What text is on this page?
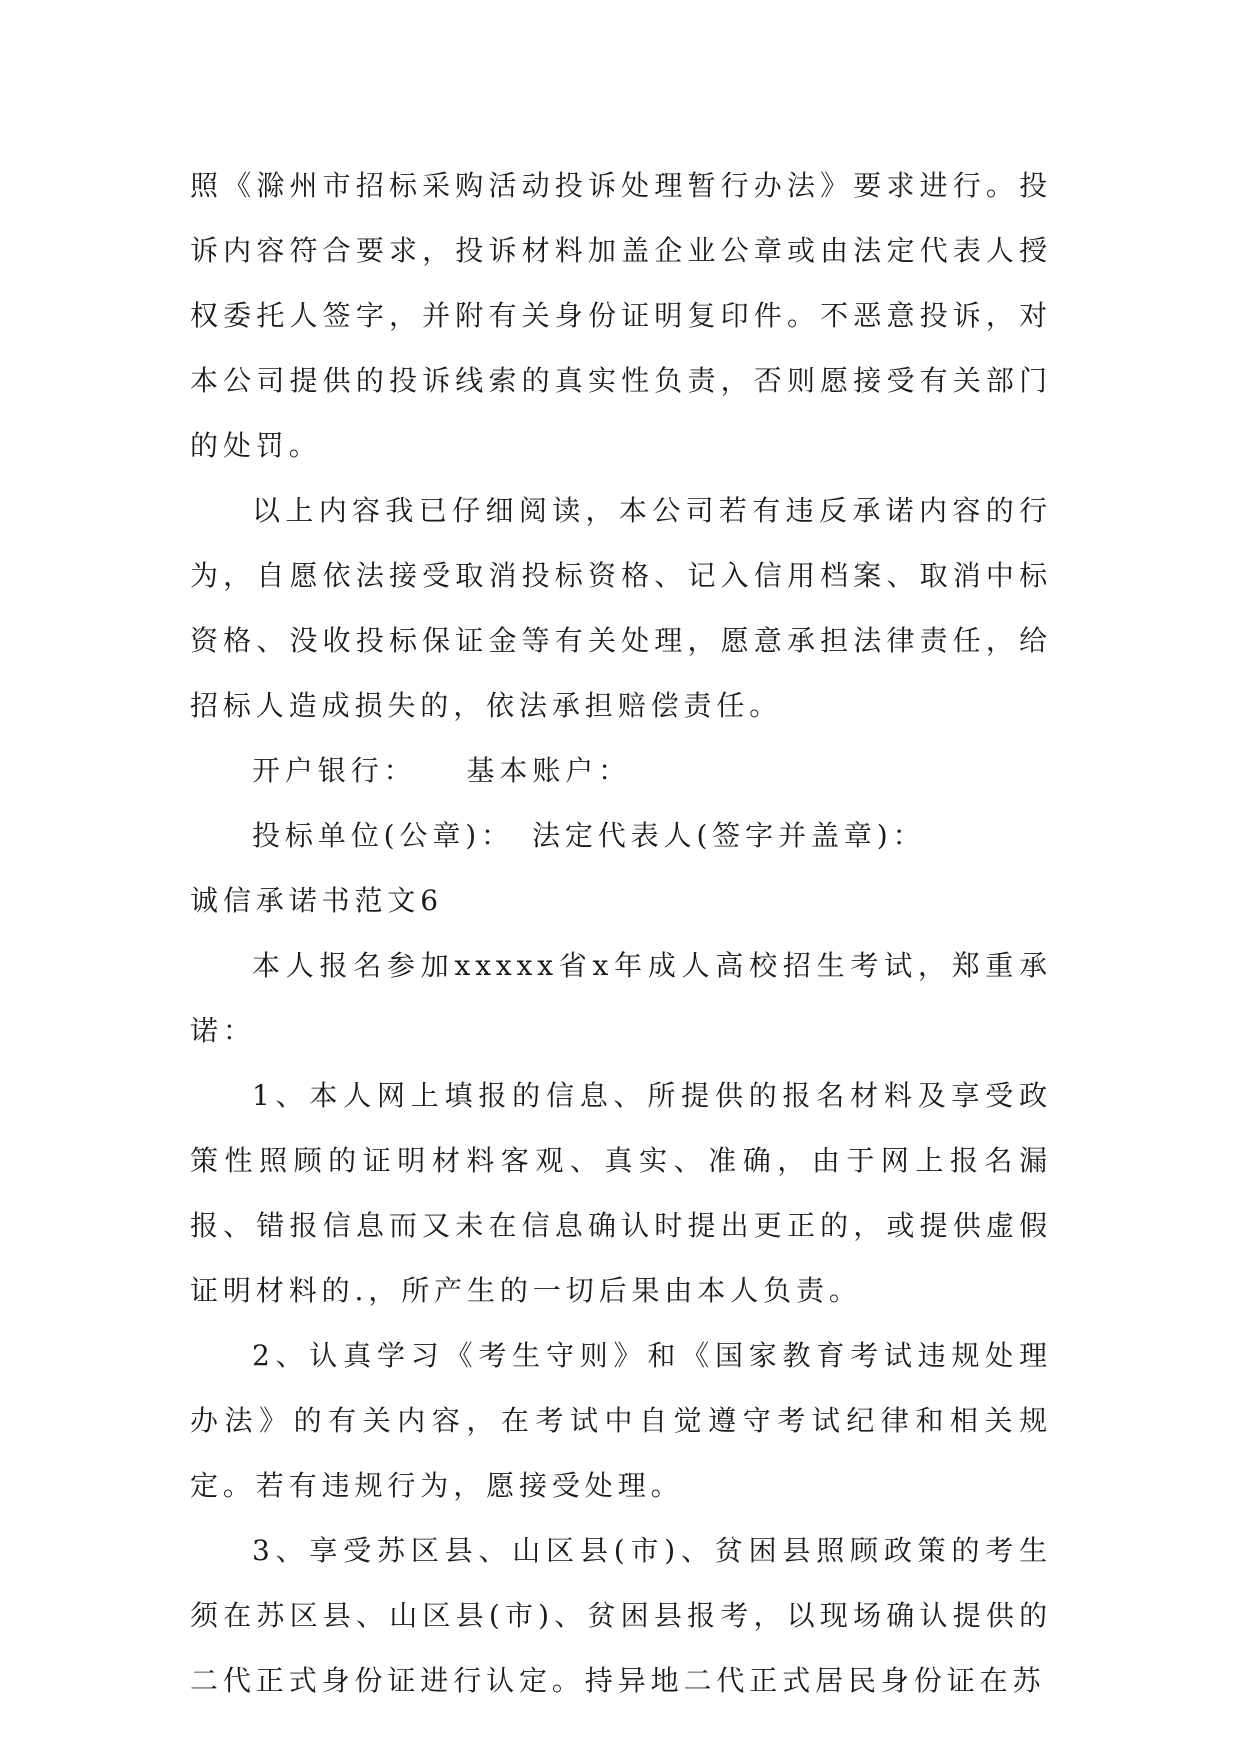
照《滁州市招标采购活动投诉处理暂行办法》要求进行。投诉内容符合要求，投诉材料加盖企业公章或由法定代表人授权委托人签字，并附有关身份证明复印件。不恶意投诉，对本公司提供的投诉线索的真实性负责，否则愿接受有关部门的处罚。

以上内容我已仔细阅读，本公司若有违反承诺内容的行为，自愿依法接受取消投标资格、记入信用档案、取消中标资格、没收投标保证金等有关处理，愿意承担法律责任，给招标人造成损失的，依法承担赔偿责任。

开户银行： 基本账户：
投标单位(公章)： 法定代表人(签字并盖章)：

诚信承诺书范文6

本人报名参加xxxxx省x年成人高校招生考试，郑重承诺：

1、本人网上填报的信息、所提供的报名材料及享受政策性照顾的证明材料客观、真实、准确，由于网上报名漏报、错报信息而又未在信息确认时提出更正的，或提供虚假证明材料的.，所产生的一切后果由本人负责。

2、认真学习《考生守则》和《国家教育考试违规处理办法》的有关内容，在考试中自觉遵守考试纪律和相关规定。若有违规行为，愿接受处理。

3、享受苏区县、山区县(市)、贫困县照顾政策的考生须在苏区县、山区县(市)、贫困县报考，以现场确认提供的二代正式身份证进行认定。持异地二代正式居民身份证在苏
